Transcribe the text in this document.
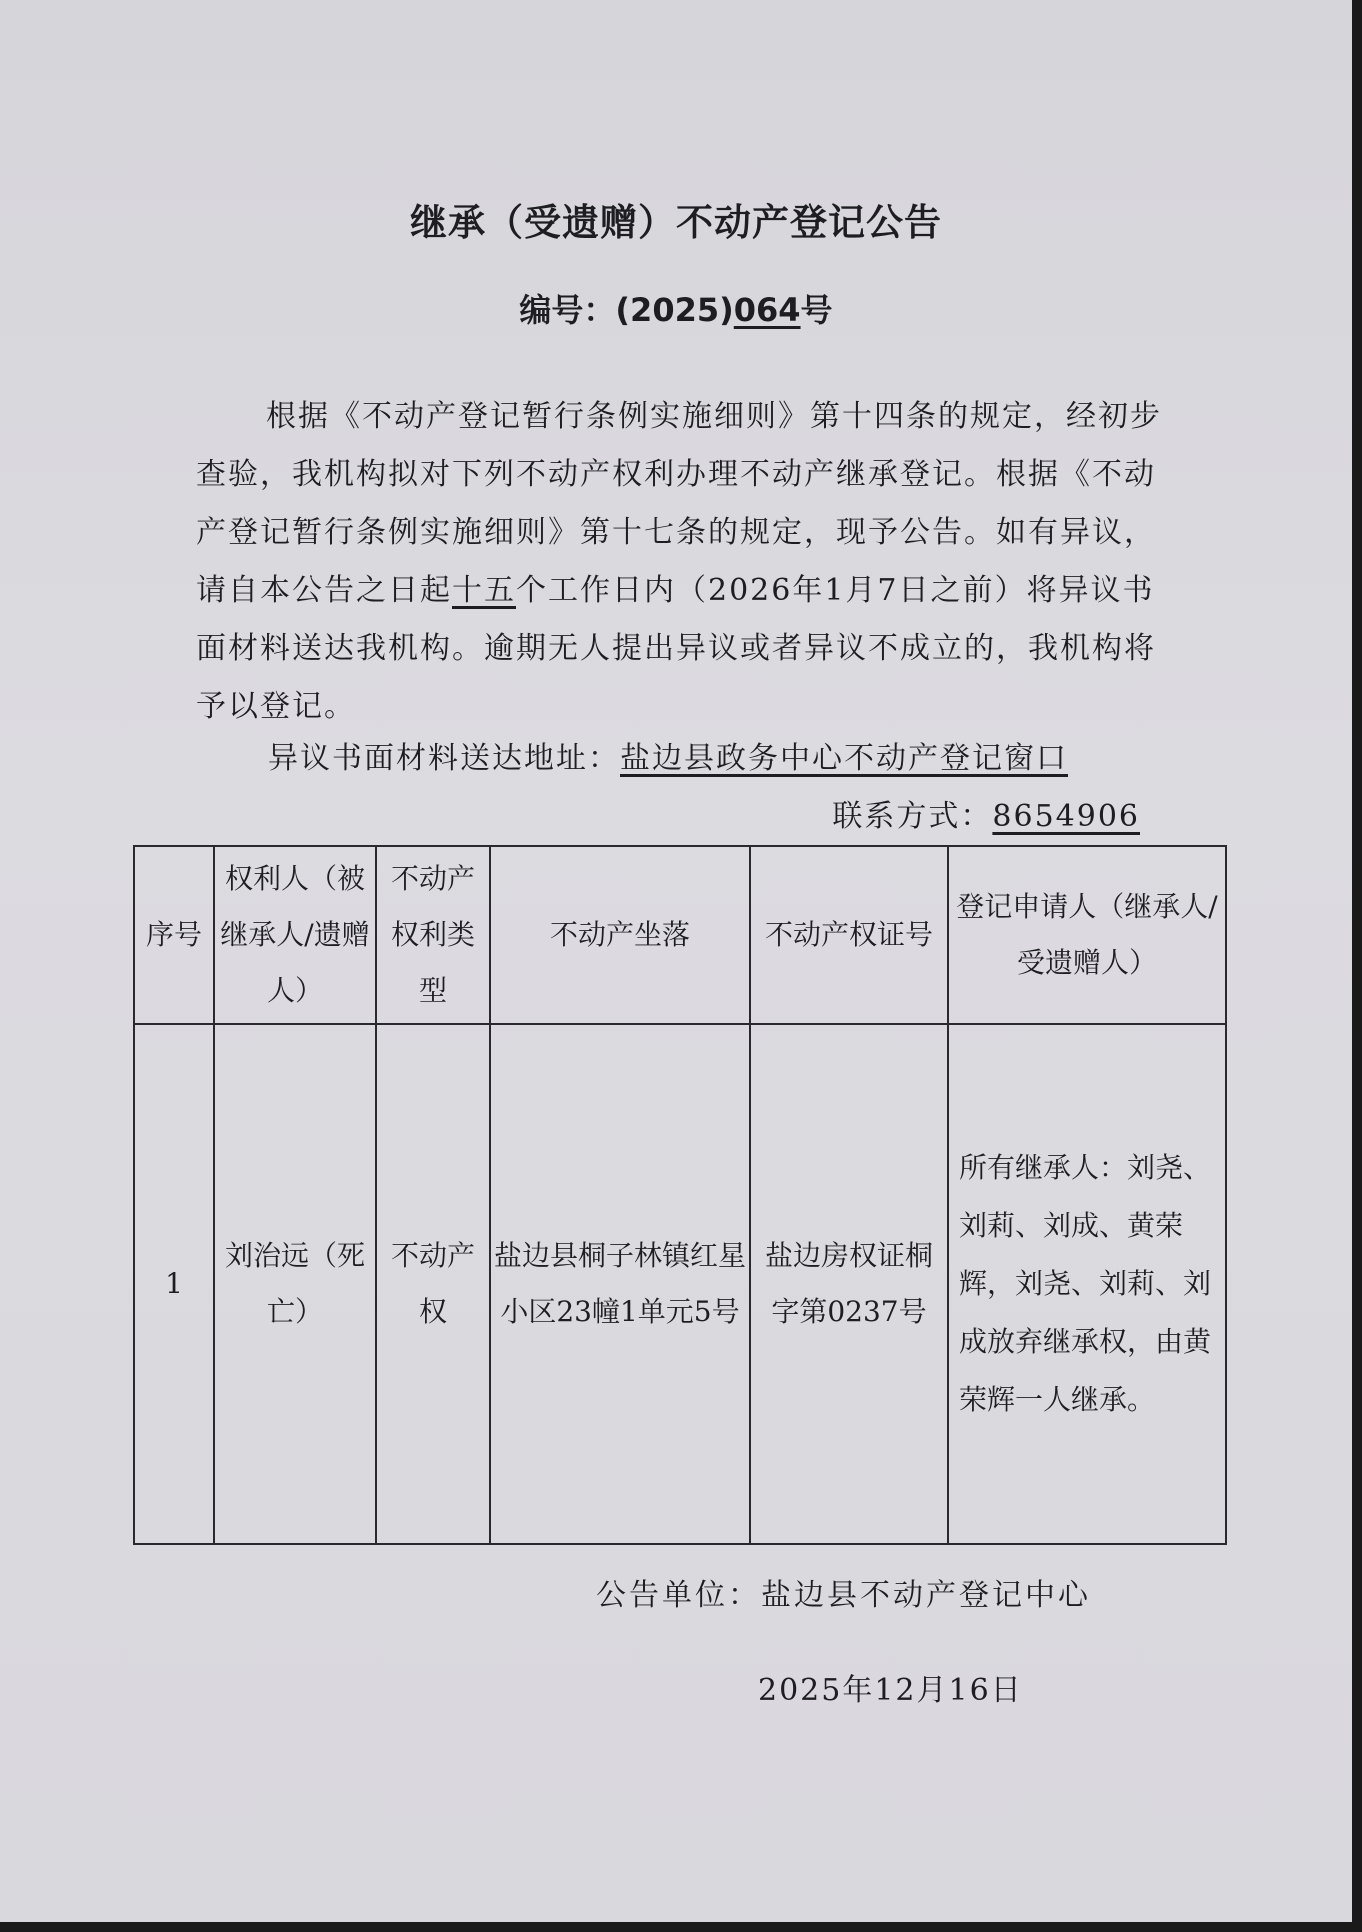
继承（受遗赠）不动产登记公告
编号：(2025)064号

根据《不动产登记暂行条例实施细则》第十四条的规定，经初步查验，我机构拟对下列不动产权利办理不动产继承登记。根据《不动产登记暂行条例实施细则》第十七条的规定，现予公告。如有异议，请自本公告之日起十五个工作日内（2026年1月7日之前）将异议书面材料送达我机构。逾期无人提出异议或者异议不成立的，我机构将予以登记。

异议书面材料送达地址：盐边县政务中心不动产登记窗口
联系方式：8654906
序号	权利人（被继承人/遗赠人）	不动产权利类型	不动产坐落	不动产权证号	登记申请人（继承人/受遗赠人）
1	刘治远（死亡）	不动产权	盐边县桐子林镇红星小区23幢1单元5号	盐边房权证桐字第0237号	所有继承人：刘尧、刘莉、刘成、黄荣辉，刘尧、刘莉、刘成放弃继承权，由黄荣辉一人继承。
公告单位：盐边县不动产登记中心
2025年12月16日
